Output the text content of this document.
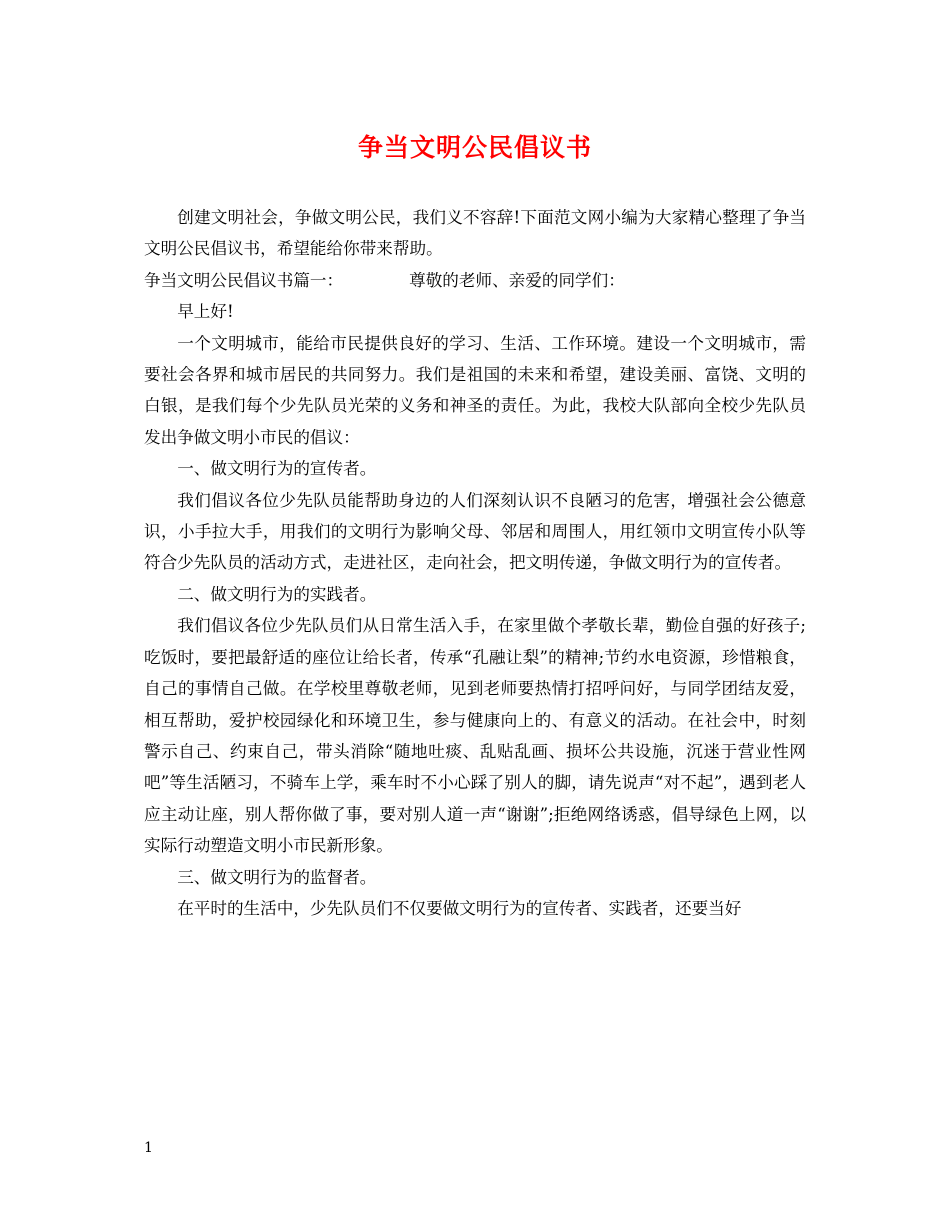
争当文明公民倡议书

创建文明社会，争做文明公民，我们义不容辞!下面范文网小编为大家精心整理了争当文明公民倡议书，希望能给你带来帮助。

争当文明公民倡议书篇一：	尊敬的老师、亲爱的同学们：

早上好!

一个文明城市，能给市民提供良好的学习、生活、工作环境。建设一个文明城市，需要社会各界和城市居民的共同努力。我们是祖国的未来和希望，建设美丽、富饶、文明的白银，是我们每个少先队员光荣的义务和神圣的责任。为此，我校大队部向全校少先队员发出争做文明小市民的倡议：

一、做文明行为的宣传者。

我们倡议各位少先队员能帮助身边的人们深刻认识不良陋习的危害，增强社会公德意识，小手拉大手，用我们的文明行为影响父母、邻居和周围人，用红领巾文明宣传小队等符合少先队员的活动方式，走进社区，走向社会，把文明传递，争做文明行为的宣传者。

二、做文明行为的实践者。

我们倡议各位少先队员们从日常生活入手，在家里做个孝敬长辈，勤俭自强的好孩子;吃饭时，要把最舒适的座位让给长者，传承“孔融让梨”的精神;节约水电资源，珍惜粮食，自己的事情自己做。在学校里尊敬老师，见到老师要热情打招呼问好，与同学团结友爱，相互帮助，爱护校园绿化和环境卫生，参与健康向上的、有意义的活动。在社会中，时刻警示自己、约束自己，带头消除“随地吐痰、乱贴乱画、损坏公共设施，沉迷于营业性网吧”等生活陋习，不骑车上学，乘车时不小心踩了别人的脚，请先说声“对不起”，遇到老人应主动让座，别人帮你做了事，要对别人道一声“谢谢”;拒绝网络诱惑，倡导绿色上网，以实际行动塑造文明小市民新形象。

三、做文明行为的监督者。

在平时的生活中，少先队员们不仅要做文明行为的宣传者、实践者，还要当好

1
